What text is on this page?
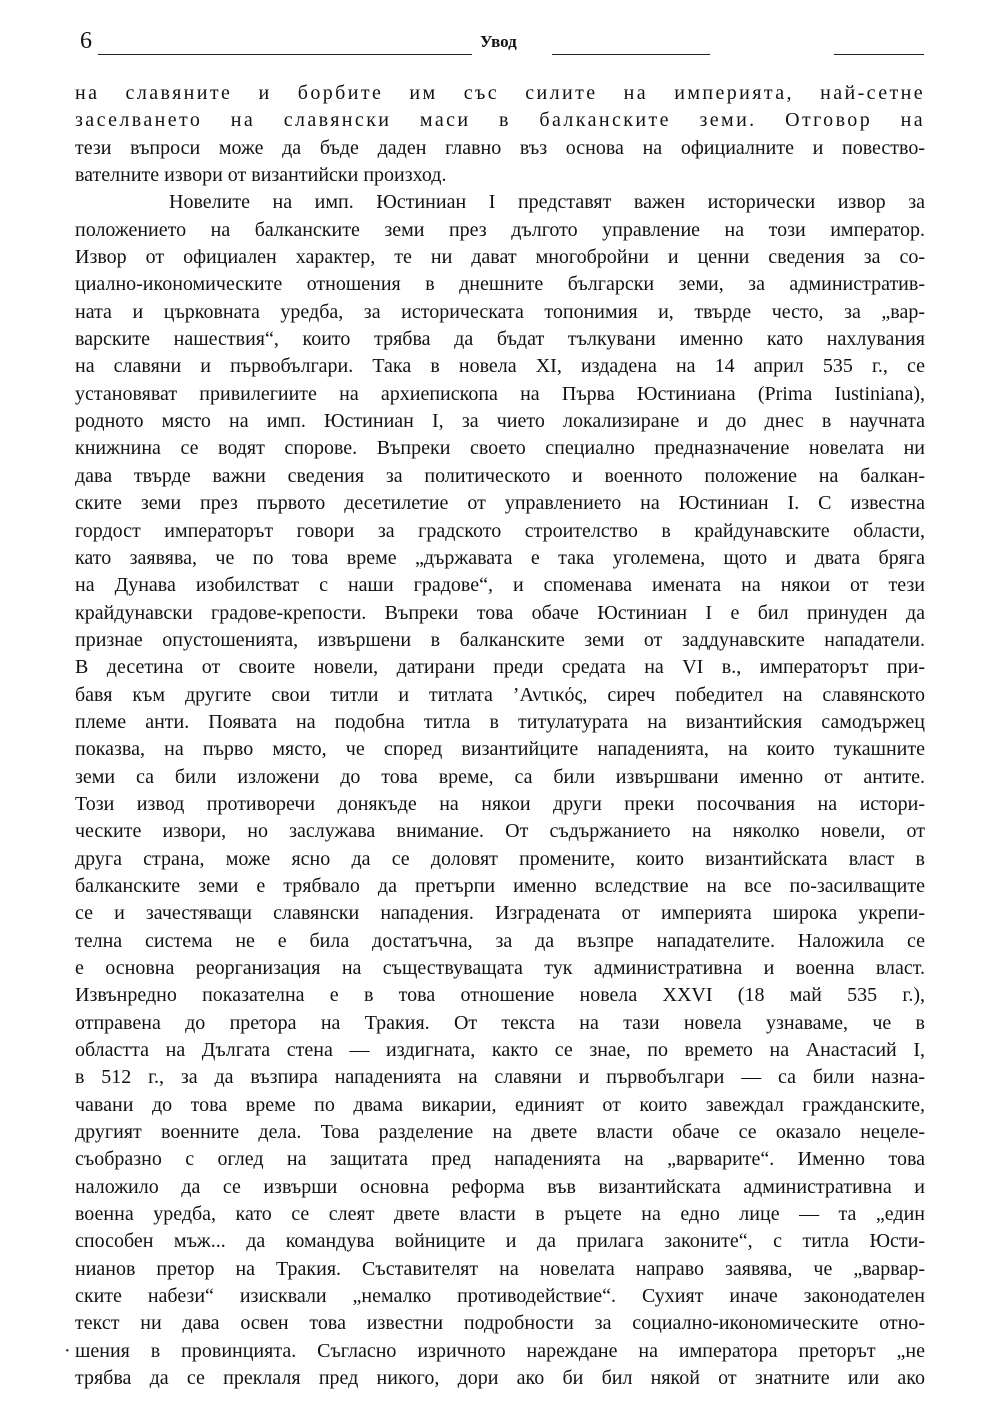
6	Увод
на славяните и борбите им със силите на империята, най-сетне
заселването на славянски маси в балканските земи. Отговор на
тези въпроси може да бъде даден главно въз основа на официалните и повество-
вателните извори от византийски произход.
Новелите на имп. Юстиниан I представят важен исторически извор за
положението на балканските земи през дългото управление на този император.
Извор от официален характер, те ни дават многобройни и ценни сведения за со-
циално-икономическите отношения в днешните български земи, за административ-
ната и църковната уредба, за историческата топонимия и, твърде често, за „вар-
варските нашествия“, които трябва да бъдат тълкувани именно като нахлувания
на славяни и първобългари. Така в новела XI, издадена на 14 април 535 г., се
установяват привилегиите на архиепископа на Първа Юстиниана (Prima Iustiniana),
родното място на имп. Юстиниан I, за чието локализиране и до днес в научната
книжнина се водят спорове. Въпреки своето специално предназначение новелата ни
дава твърде важни сведения за политическото и военното положение на балкан-
ските земи през първото десетилетие от управлението на Юстиниан I. С известна
гордост императорът говори за градското строителство в крайдунавските области,
като заявява, че по това време „държавата е така уголемена, щото и двата бряга
на Дунава изобилстват с наши градове“, и споменава имената на някои от тези
крайдунавски градове-крепости. Въпреки това обаче Юстиниан I е бил принуден да
признае опустошенията, извършени в балканските земи от заддунавските нападатели.
В десетина от своите новели, датирани преди средата на VI в., императорът при-
бавя към другите свои титли и титлата ’Αντικός, сиреч победител на славянското
племе анти. Появата на подобна титла в титулатурата на византийския самодържец
показва, на първо място, че според византийците нападенията, на които тукашните
земи са били изложени до това време, са били извършвани именно от антите.
Този извод противоречи донякъде на някои други преки посочвания на истори-
ческите извори, но заслужава внимание. От съдържанието на няколко новели, от
друга страна, може ясно да се доловят промените, които византийската власт в
балканските земи е трябвало да претърпи именно вследствие на все по-засилващите
се и зачестяващи славянски нападения. Изградената от империята широка укрепи-
телна система не е била достатъчна, за да възпре нападателите. Наложила се
е основна реорганизация на съществуващата тук административна и военна власт.
Извънредно показателна е в това отношение новела XXVI (18 май 535 г.),
отправена до претора на Тракия. От текста на тази новела узнаваме, че в
областта на Дългата стена — издигната, както се знае, по времето на Анастасий I,
в 512 г., за да възпира нападенията на славяни и първобългари — са били назна-
чавани до това време по двама викарии, единият от които завеждал гражданските,
другият военните дела. Това разделение на двете власти обаче се оказало нецеле-
съобразно с оглед на защитата пред нападенията на „варварите“. Именно това
наложило да се извърши основна реформа във византийската административна и
военна уредба, като се слеят двете власти в ръцете на едно лице — та „един
способен мъж... да командува войниците и да прилага законите“, с титла Юсти-
нианов претор на Тракия. Съставителят на новелата направо заявява, че „варвар-
ските набези“ изисквали „немалко противодействие“. Сухият иначе законодателен
текст ни дава освен това известни подробности за социално-икономическите отно-
шения в провинцията. Съгласно изричното нареждане на императора преторът „не
трябва да се преклаля пред никого, дори ако би бил някой от знатните или ако
·
